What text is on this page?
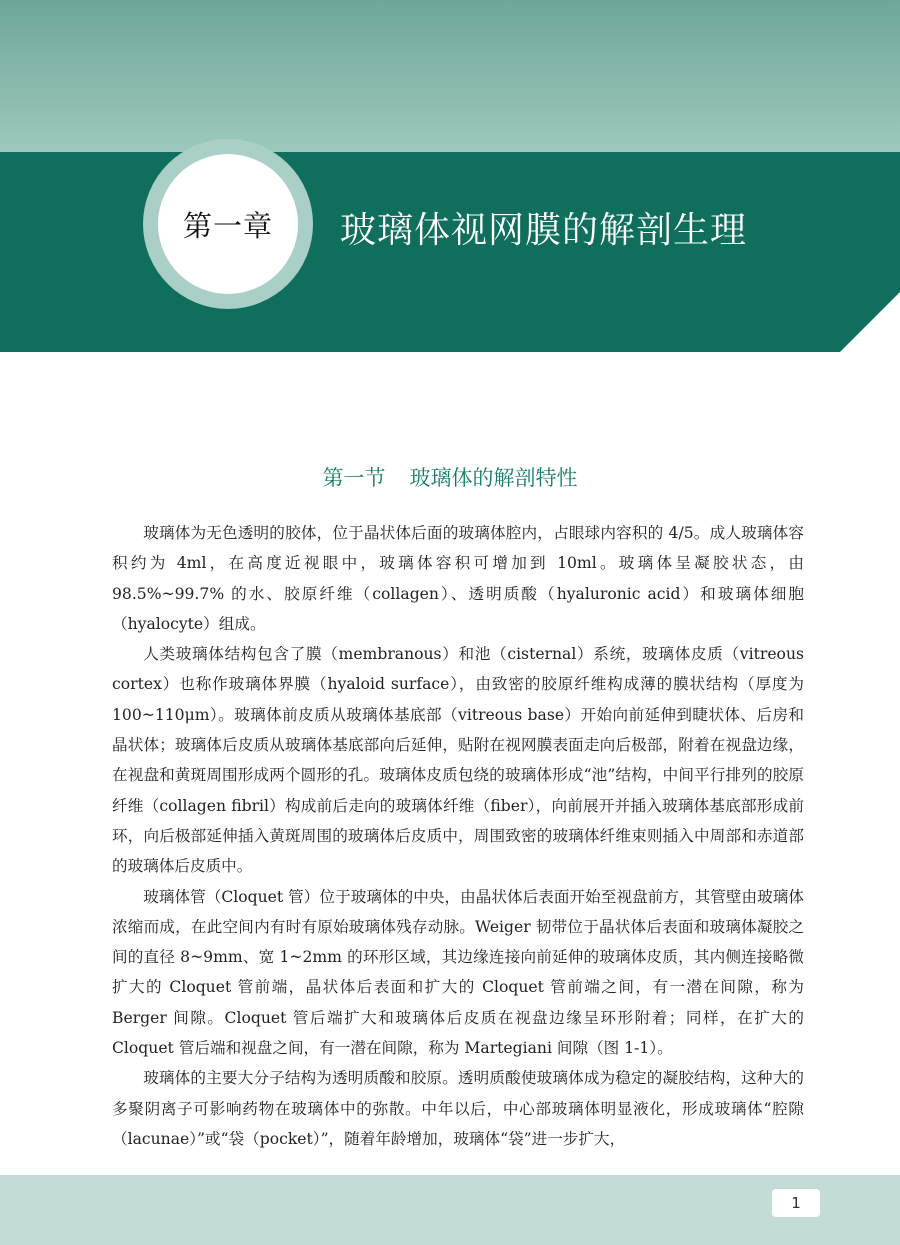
第一章 玻璃体视网膜的解剖生理
第一节 玻璃体的解剖特性

玻璃体为无色透明的胶体，位于晶状体后面的玻璃体腔内，占眼球内容积的 4/5。成人玻璃体容积约为 4ml，在高度近视眼中，玻璃体容积可增加到 10ml。玻璃体呈凝胶状态，由 98.5%~99.7% 的水、胶原纤维（collagen）、透明质酸（hyaluronic acid）和玻璃体细胞（hyalocyte）组成。

人类玻璃体结构包含了膜（membranous）和池（cisternal）系统，玻璃体皮质（vitreous cortex）也称作玻璃体界膜（hyaloid surface），由致密的胶原纤维构成薄的膜状结构（厚度为 100~110μm）。玻璃体前皮质从玻璃体基底部（vitreous base）开始向前延伸到睫状体、后房和晶状体；玻璃体后皮质从玻璃体基底部向后延伸，贴附在视网膜表面走向后极部，附着在视盘边缘，在视盘和黄斑周围形成两个圆形的孔。玻璃体皮质包绕的玻璃体形成“池”结构，中间平行排列的胶原纤维（collagen fibril）构成前后走向的玻璃体纤维（fiber），向前展开并插入玻璃体基底部形成前环，向后极部延伸插入黄斑周围的玻璃体后皮质中，周围致密的玻璃体纤维束则插入中周部和赤道部的玻璃体后皮质中。

玻璃体管（Cloquet 管）位于玻璃体的中央，由晶状体后表面开始至视盘前方，其管壁由玻璃体浓缩而成，在此空间内有时有原始玻璃体残存动脉。Weiger 韧带位于晶状体后表面和玻璃体凝胶之间的直径 8~9mm、宽 1~2mm 的环形区域，其边缘连接向前延伸的玻璃体皮质，其内侧连接略微扩大的 Cloquet 管前端，晶状体后表面和扩大的 Cloquet 管前端之间，有一潜在间隙，称为 Berger 间隙。Cloquet 管后端扩大和玻璃体后皮质在视盘边缘呈环形附着；同样，在扩大的 Cloquet 管后端和视盘之间，有一潜在间隙，称为 Martegiani 间隙（图 1-1）。

玻璃体的主要大分子结构为透明质酸和胶原。透明质酸使玻璃体成为稳定的凝胶结构，这种大的多聚阴离子可影响药物在玻璃体中的弥散。中年以后，中心部玻璃体明显液化，形成玻璃体“腔隙（lacunae）”或“袋（pocket）”，随着年龄增加，玻璃体“袋”进一步扩大，

1
